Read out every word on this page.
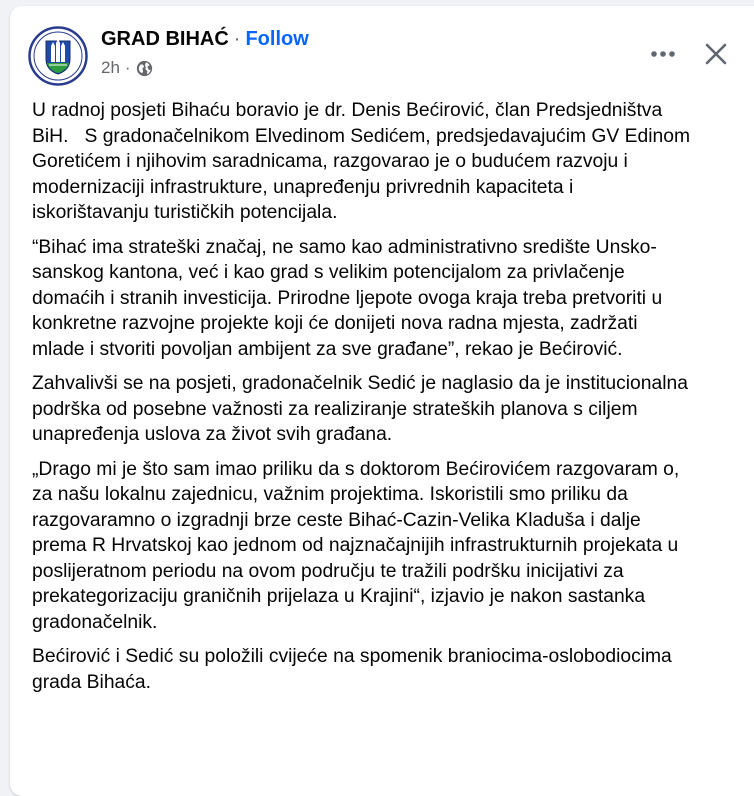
GRAD BIHAĆ · Follow
2h ·

U radnoj posjeti Bihaću boravio je dr. Denis Bećirović, član Predsjedništva
BiH.   S gradonačelnikom Elvedinom Sedićem, predsjedavajućim GV Edinom
Goretićem i njihovim saradnicama, razgovarao je o budućem razvoju i
modernizaciji infrastrukture, unapređenju privrednih kapaciteta i
iskorištavanju turističkih potencijala.

“Bihać ima strateški značaj, ne samo kao administrativno središte Unsko-
sanskog kantona, već i kao grad s velikim potencijalom za privlačenje
domaćih i stranih investicija. Prirodne ljepote ovoga kraja treba pretvoriti u
konkretne razvojne projekte koji će donijeti nova radna mjesta, zadržati
mlade i stvoriti povoljan ambijent za sve građane”, rekao je Bećirović.

Zahvalivši se na posjeti, gradonačelnik Sedić je naglasio da je institucionalna
podrška od posebne važnosti za realiziranje strateških planova s ciljem
unapređenja uslova za život svih građana.

„Drago mi je što sam imao priliku da s doktorom Bećirovićem razgovaram o,
za našu lokalnu zajednicu, važnim projektima. Iskoristili smo priliku da
razgovaramno o izgradnji brze ceste Bihać-Cazin-Velika Kladuša i dalje
prema R Hrvatskoj kao jednom od najznačajnijih infrastrukturnih projekata u
poslijeratnom periodu na ovom području te tražili podršku inicijativi za
prekategorizaciju graničnih prijelaza u Krajini“, izjavio je nakon sastanka
gradonačelnik.

Bećirović i Sedić su položili cvijeće na spomenik braniocima-oslobodiocima
grada Bihaća.
